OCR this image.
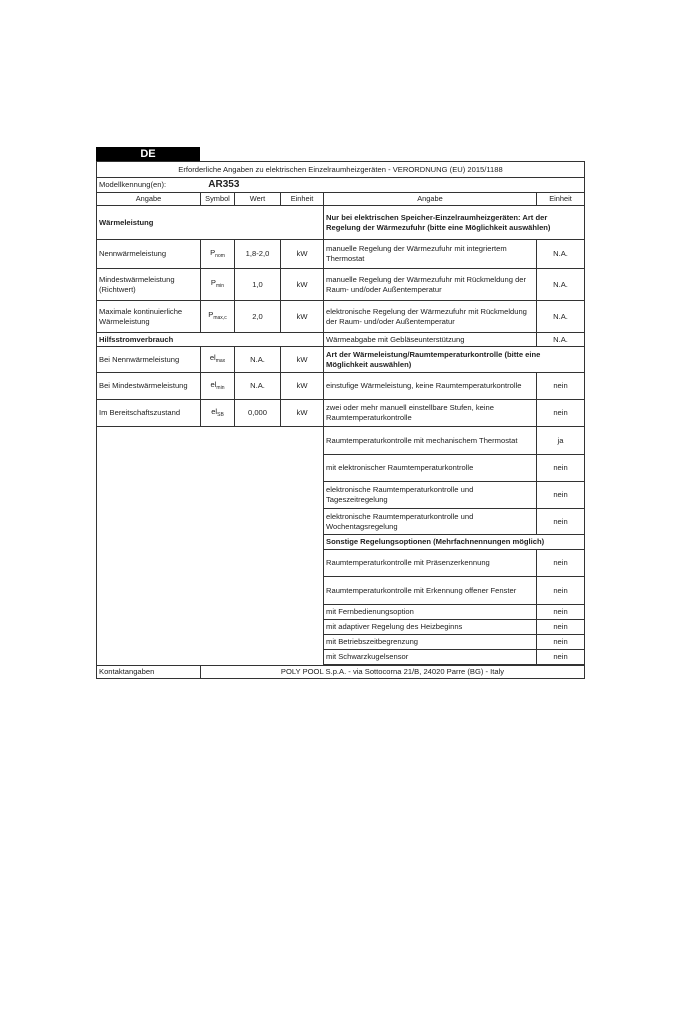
DE
Erforderliche Angaben zu elektrischen Einzelraumheizgeräten - VERORDNUNG (EU) 2015/1188					
Modellkennung(en): AR353					
Angabe	Symbol	Wert	Einheit	Angabe	Einheit
Wärmeleistung				Nur bei elektrischen Speicher-Einzelraumheizgeräten: Art der Regelung der Wärmezufuhr (bitte eine Möglichkeit auswählen)	
Nennwärmeleistung	$P_{nom}$	1,8-2,0	kW	manuelle Regelung der Wärmezufuhr mit integriertem Thermostat	N.A.
Mindestwärmeleistung (Richtwert)	$P_{min}$	1,0	kW	manuelle Regelung der Wärmezufuhr mit Rückmeldung der Raum- und/oder Außentemperatur	N.A.
Maximale kontinuierliche Wärmeleistung	$P_{max,c}$	2,0	kW	elektronische Regelung der Wärmezufuhr mit Rückmeldung der Raum- und/oder Außentemperatur	N.A.
Hilfsstromverbrauch				Wärmeabgabe mit Gebläseunterstützung	N.A.
Bei Nennwärmeleistung	$el_{max}$	N.A.	kW	Art der Wärmeleistung/Raumtemperaturkontrolle (bitte eine Möglichkeit auswählen)	
Bei Mindestwärmeleistung	$el_{min}$	N.A.	kW	einstufige Wärmeleistung, keine Raumtemperaturkontrolle	nein
Im Bereitschaftszustand	$el_{SB}$	0,000	kW	zwei oder mehr manuell einstellbare Stufen, keine Raumtemperaturkontrolle	nein
				Raumtemperaturkontrolle mit mechanischem Thermostat	ja
				mit elektronischer Raumtemperaturkontrolle	nein
				elektronische Raumtemperaturkontrolle und Tageszeitregelung	nein
				elektronische Raumtemperaturkontrolle und Wochentagsregelung	nein
				Sonstige Regelungsoptionen (Mehrfachnennungen möglich)	
				Raumtemperaturkontrolle mit Präsenzerkennung	nein
				Raumtemperaturkontrolle mit Erkennung offener Fenster	nein
				mit Fernbedienungsoption	nein
				mit adaptiver Regelung des Heizbeginns	nein
				mit Betriebszeitbegrenzung	nein
				mit Schwarzkugelsensor	nein

Kontaktangaben	POLY POOL S.p.A. - via Sottocorna 21/B, 24020 Parre (BG) - Italy				
